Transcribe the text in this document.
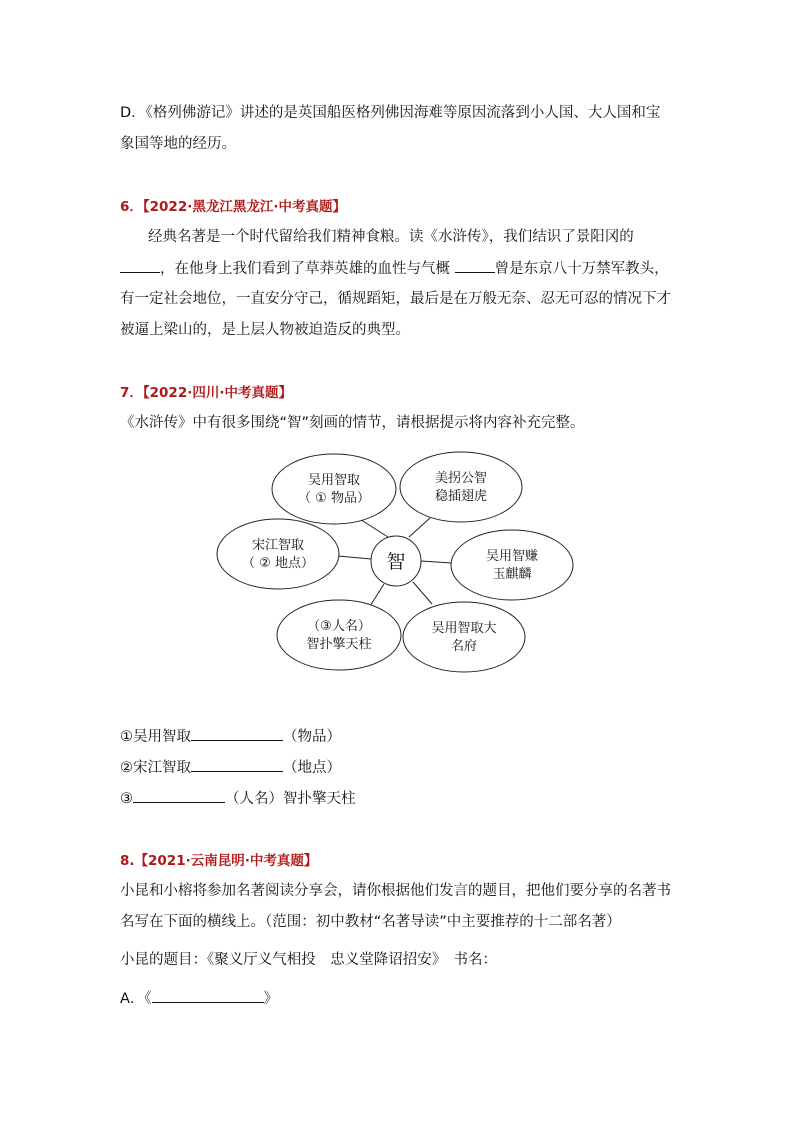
D．《格列佛游记》讲述的是英国船医格列佛因海难等原因流落到小人国、大人国和宝
象国等地的经历。
6．【2022·黑龙江黑龙江·中考真题】
经典名著是一个时代留给我们精神食粮。读《水浒传》，我们结识了景阳冈的
，在他身上我们看到了草莽英雄的血性与气概	曾是东京八十万禁军教头，
有一定社会地位，一直安分守己，循规蹈矩，最后是在万般无奈、忍无可忍的情况下才
被逼上梁山的，是上层人物被迫造反的典型。
7．【2022·四川·中考真题】
《水浒传》中有很多围绕“智”刻画的情节，请根据提示将内容补充完整。
智
吴用智取
（ ① 物品）
美拐公智
稳插翅虎
宋江智取
（ ② 地点）	吴用智赚
玉麒麟
（③人名）
智扑擎天柱
吴用智取大
名府
①吴用智取	（物品）
②宋江智取	（地点）
③	（人名）智扑擎天柱
8.【2021·云南昆明·中考真题】
小昆和小榕将参加名著阅读分享会，请你根据他们发言的题目，把他们要分享的名著书
名写在下面的横线上。（范围：初中教材“名著导读”中主要推荐的十二部名著）
小昆的题目：《聚义厅义气相投　忠义堂降诏招安》　书名：
A．《	》
